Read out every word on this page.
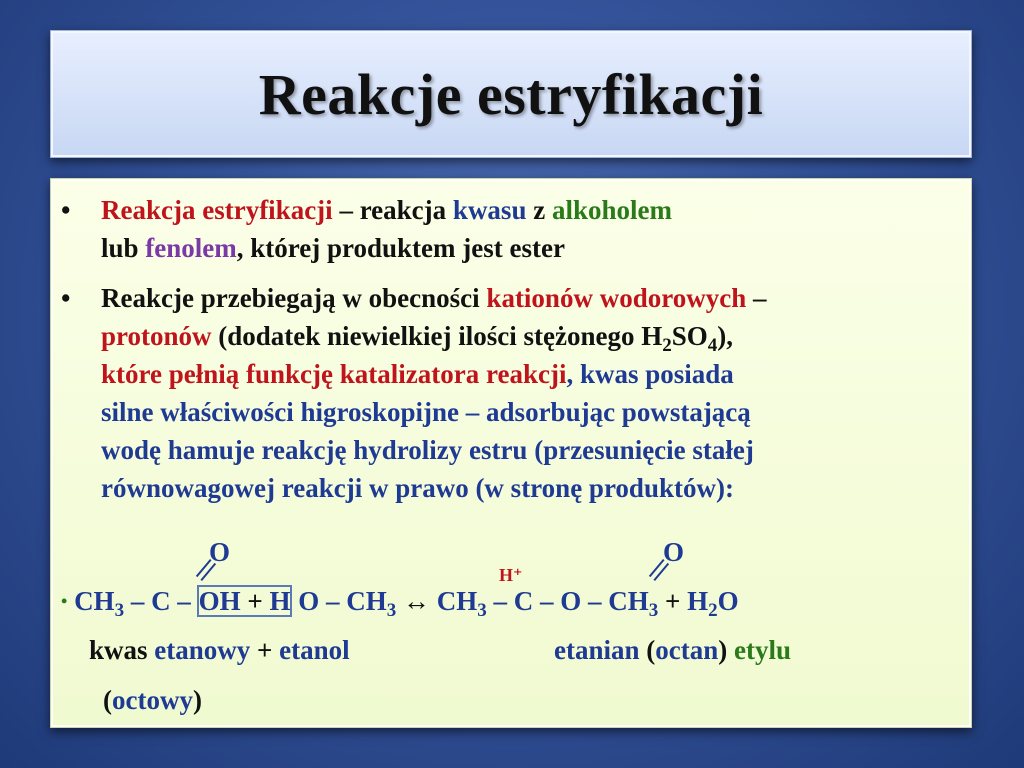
Reakcje estryfikacji
• Reakcja estryfikacji – reakcja kwasu z alkoholem
lub fenolem, której produktem jest ester
• Reakcje przebiegają w obecności kationów wodorowych –
protonów (dodatek niewielkiej ilości stężonego $H_2SO_4$),
które pełnią funkcję katalizatora reakcji, kwas posiada
silne właściwości higroskopijne – adsorbując powstającą
wodę hamuje reakcję hydrolizy estru (przesunięcie stałej
równowagowej reakcji w prawo (w stronę produktów):
O	O
H⁺
• $CH_3$ – C – OH + H O – $CH_3$ ↔ $CH_3 - C - O - CH_3 + H_2O$
kwas etanowy + etanol	etanian (octan) etylu
(octowy)
